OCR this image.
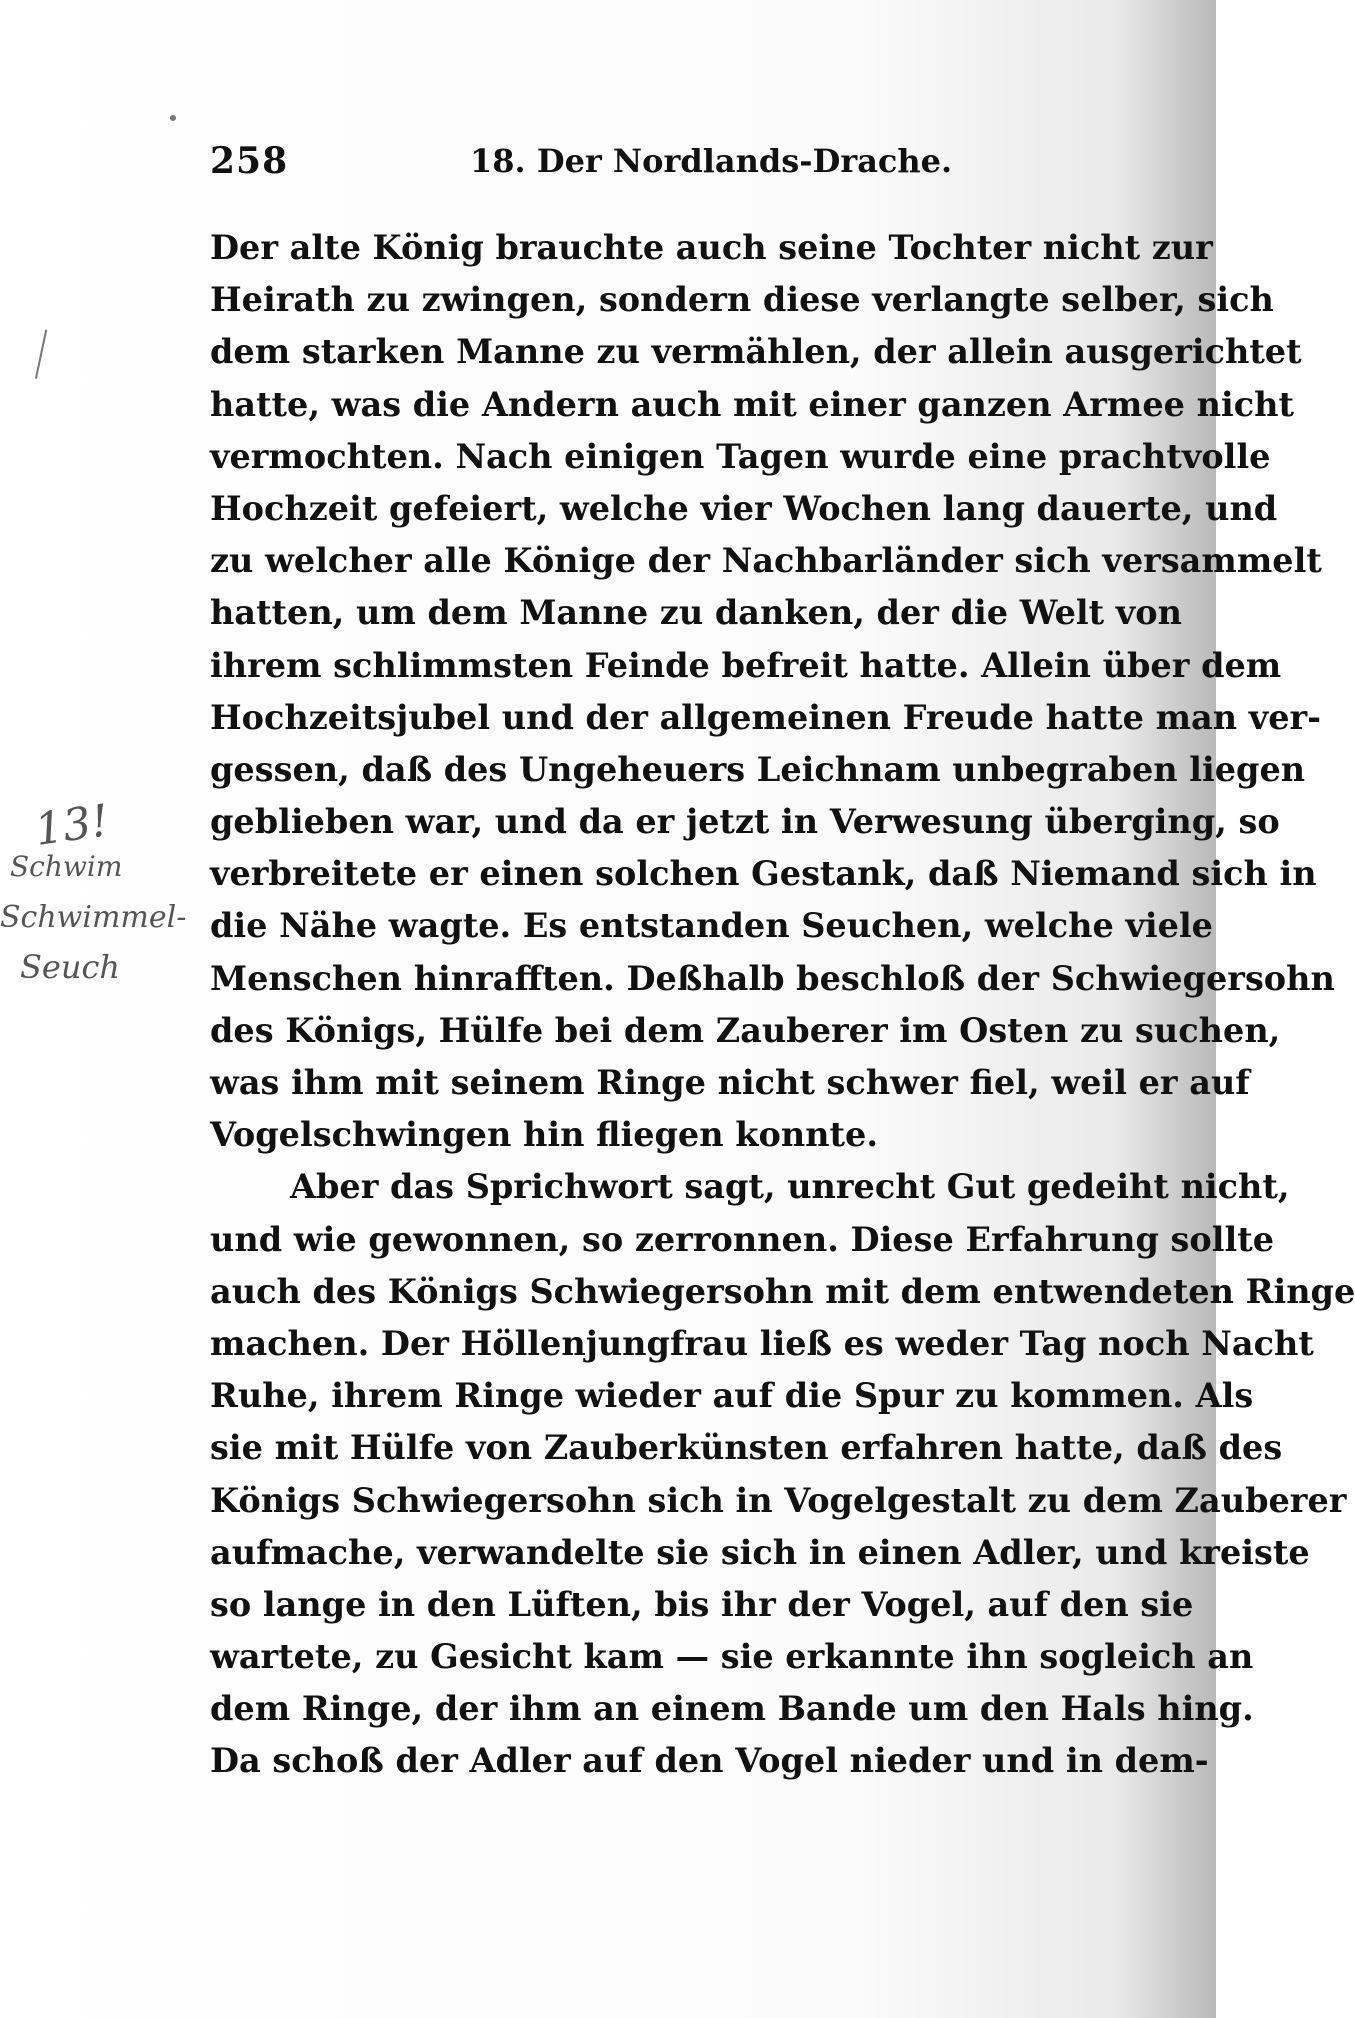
258	18. Der Nordlands-Drache.
13!
Schwim
Schwimmel-
Seuch
Der alte König brauchte auch seine Tochter nicht zur
Heirath zu zwingen, sondern diese verlangte selber, sich
dem starken Manne zu vermählen, der allein ausgerichtet
hatte, was die Andern auch mit einer ganzen Armee nicht
vermochten. Nach einigen Tagen wurde eine prachtvolle
Hochzeit gefeiert, welche vier Wochen lang dauerte, und
zu welcher alle Könige der Nachbarländer sich versammelt
hatten, um dem Manne zu danken, der die Welt von
ihrem schlimmsten Feinde befreit hatte. Allein über dem
Hochzeitsjubel und der allgemeinen Freude hatte man ver-
gessen, daß des Ungeheuers Leichnam unbegraben liegen
geblieben war, und da er jetzt in Verwesung überging, so
verbreitete er einen solchen Gestank, daß Niemand sich in
die Nähe wagte. Es entstanden Seuchen, welche viele
Menschen hinrafften. Deßhalb beschloß der Schwiegersohn
des Königs, Hülfe bei dem Zauberer im Osten zu suchen,
was ihm mit seinem Ringe nicht schwer fiel, weil er auf
Vogelschwingen hin fliegen konnte.
Aber das Sprichwort sagt, unrecht Gut gedeiht nicht,
und wie gewonnen, so zerronnen. Diese Erfahrung sollte
auch des Königs Schwiegersohn mit dem entwendeten Ringe
machen. Der Höllenjungfrau ließ es weder Tag noch Nacht
Ruhe, ihrem Ringe wieder auf die Spur zu kommen. Als
sie mit Hülfe von Zauberkünsten erfahren hatte, daß des
Königs Schwiegersohn sich in Vogelgestalt zu dem Zauberer
aufmache, verwandelte sie sich in einen Adler, und kreiste
so lange in den Lüften, bis ihr der Vogel, auf den sie
wartete, zu Gesicht kam — sie erkannte ihn sogleich an
dem Ringe, der ihm an einem Bande um den Hals hing.
Da schoß der Adler auf den Vogel nieder und in dem-
